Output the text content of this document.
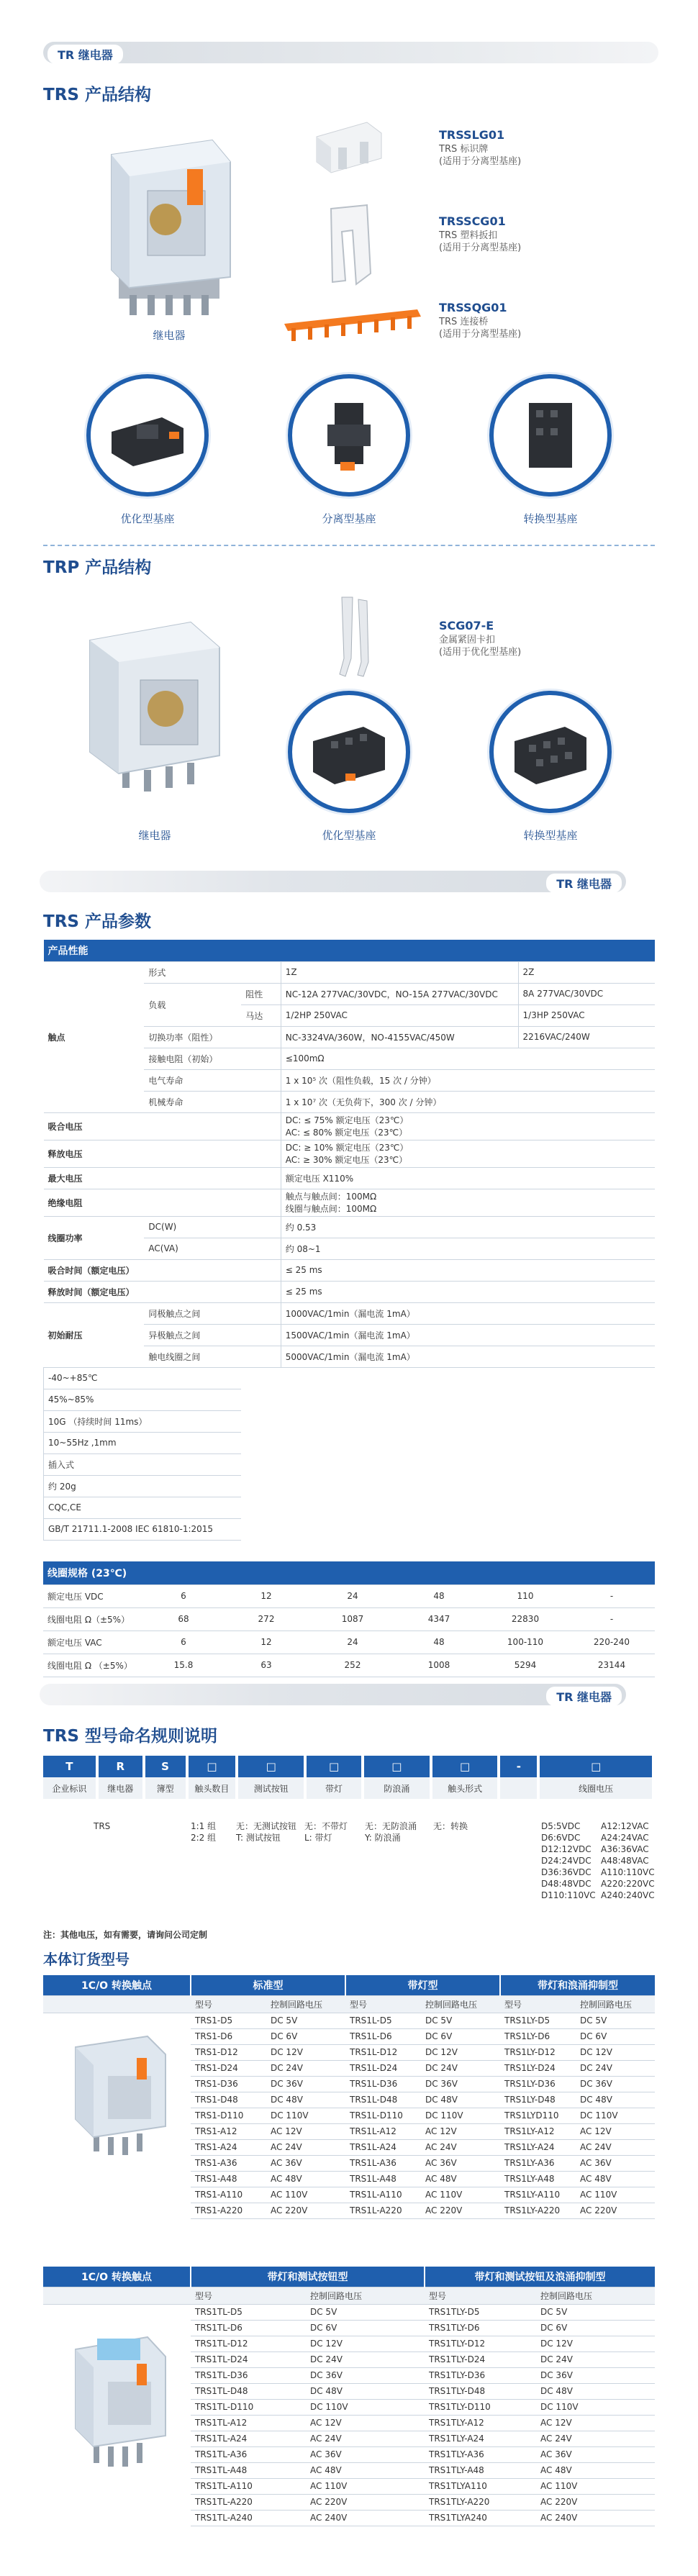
TR 继电器
TRS 产品结构
继电器
TRSSLG01
TRS 标识牌
(适用于分离型基座)
TRSSCG01
TRS 塑料扳扣
(适用于分离型基座)
TRSSQG01
TRS 连接桥
(适用于分离型基座)
优化型基座	分离型基座	转换型基座
TRP 产品结构
继电器
SCG07-E
金属紧固卡扣
(适用于优化型基座)
优化型基座	转换型基座
TR 继电器
TRS 产品参数
产品性能				
触点	形式		1Z	2Z
	负载	阻性	NC-12A 277VAC/30VDC，NO-15A 277VAC/30VDC	8A 277VAC/30VDC
		马达	1/2HP 250VAC	1/3HP 250VAC
	切换功率（阻性）		NC-3324VA/360W，NO-4155VAC/450W	2216VAC/240W
	接触电阻（初始）		≤100mΩ	
	电气寿命		1 x 10⁵ 次（阻性负载，15 次 / 分钟）	
	机械寿命		1 x 10⁷ 次（无负荷下，300 次 / 分钟）	
吸合电压			DC: ≤ 75% 额定电压（23℃）
AC: ≤ 80% 额定电压（23℃）	
释放电压			DC: ≥ 10% 额定电压（23℃）
AC: ≥ 30% 额定电压（23℃）	
最大电压			额定电压 X110%	
绝缘电阻			触点与触点间：100MΩ
线圈与触点间：100MΩ	
线圈功率	DC(W)		约 0.53	
	AC(VA)		约 08~1	
吸合时间（额定电压）			≤ 25 ms	
释放时间（额定电压）			≤ 25 ms	
初始耐压	同极触点之间		1000VAC/1min（漏电流 1mA）	
	异极触点之间		1500VAC/1min（漏电流 1mA）	
	触电线圈之间		5000VAC/1min（漏电流 1mA）	
-40~+85℃				
45%~85%				
10G （持续时间 11ms）				
10~55Hz ,1mm				
插入式				
约 20g				
CQC,CE				
GB/T 21711.1-2008 IEC 61810-1:2015				
线圈规格 (23℃)						
额定电压 VDC	6	12	24	48	110	-
线圈电阻 Ω（±5%）	68	272	1087	4347	22830	-
额定电压 VAC	6	12	24	48	100-110	220-240
线圈电阻 Ω （±5%）	15.8	63	252	1008	5294	23144
TR 继电器
TRS 型号命名规则说明
T	R	S	□	□	□	□	□	-	□
企业标识	继电器	簿型	触头数目	测试按钮	带灯	防浪涌	触头形式		线圈电压
TRS	1:1 组
2:2 组
无：无测试按钮
T: 测试按钮
无：不带灯
L: 带灯
无：无防浪涌
Y: 防浪涌
无：转换	D5:5VDC
D6:6VDC
D12:12VDC
D24:24VDC
D36:36VDC
D48:48VDC
D110:110VC
A12:12VAC
A24:24VAC
A36:36VAC
A48:48VAC
A110:110VC
A220:220VC
A240:240VC
注：其他电压，如有需要，请询问公司定制
本体订货型号
1C/O 转换触点	标准型		带灯型		带灯和浪涌抑制型	
	型号	控制回路电压	型号	控制回路电压	型号	控制回路电压
	TRS1-D5	DC 5V	TRS1L-D5	DC 5V	TRS1LY-D5	DC 5V
	TRS1-D6	DC 6V	TRS1L-D6	DC 6V	TRS1LY-D6	DC 6V
	TRS1-D12	DC 12V	TRS1L-D12	DC 12V	TRS1LY-D12	DC 12V
	TRS1-D24	DC 24V	TRS1L-D24	DC 24V	TRS1LY-D24	DC 24V
	TRS1-D36	DC 36V	TRS1L-D36	DC 36V	TRS1LY-D36	DC 36V
	TRS1-D48	DC 48V	TRS1L-D48	DC 48V	TRS1LY-D48	DC 48V
	TRS1-D110	DC 110V	TRS1L-D110	DC 110V	TRS1LYD110	DC 110V
	TRS1-A12	AC 12V	TRS1L-A12	AC 12V	TRS1LY-A12	AC 12V
	TRS1-A24	AC 24V	TRS1L-A24	AC 24V	TRS1LY-A24	AC 24V
	TRS1-A36	AC 36V	TRS1L-A36	AC 36V	TRS1LY-A36	AC 36V
	TRS1-A48	AC 48V	TRS1L-A48	AC 48V	TRS1LY-A48	AC 48V
	TRS1-A110	AC 110V	TRS1L-A110	AC 110V	TRS1LY-A110	AC 110V
	TRS1-A220	AC 220V	TRS1L-A220	AC 220V	TRS1LY-A220	AC 220V
1C/O 转换触点	带灯和测试按钮型		带灯和测试按钮及浪涌抑制型	
	型号	控制回路电压	型号	控制回路电压
	TRS1TL-D5	DC 5V	TRS1TLY-D5	DC 5V
	TRS1TL-D6	DC 6V	TRS1TLY-D6	DC 6V
	TRS1TL-D12	DC 12V	TRS1TLY-D12	DC 12V
	TRS1TL-D24	DC 24V	TRS1TLY-D24	DC 24V
	TRS1TL-D36	DC 36V	TRS1TLY-D36	DC 36V
	TRS1TL-D48	DC 48V	TRS1TLY-D48	DC 48V
	TRS1TL-D110	DC 110V	TRS1TLY-D110	DC 110V
	TRS1TL-A12	AC 12V	TRS1TLY-A12	AC 12V
	TRS1TL-A24	AC 24V	TRS1TLY-A24	AC 24V
	TRS1TL-A36	AC 36V	TRS1TLY-A36	AC 36V
	TRS1TL-A48	AC 48V	TRS1TLY-A48	AC 48V
	TRS1TL-A110	AC 110V	TRS1TLYA110	AC 110V
	TRS1TL-A220	AC 220V	TRS1TLY-A220	AC 220V
	TRS1TL-A240	AC 240V	TRS1TLYA240	AC 240V
